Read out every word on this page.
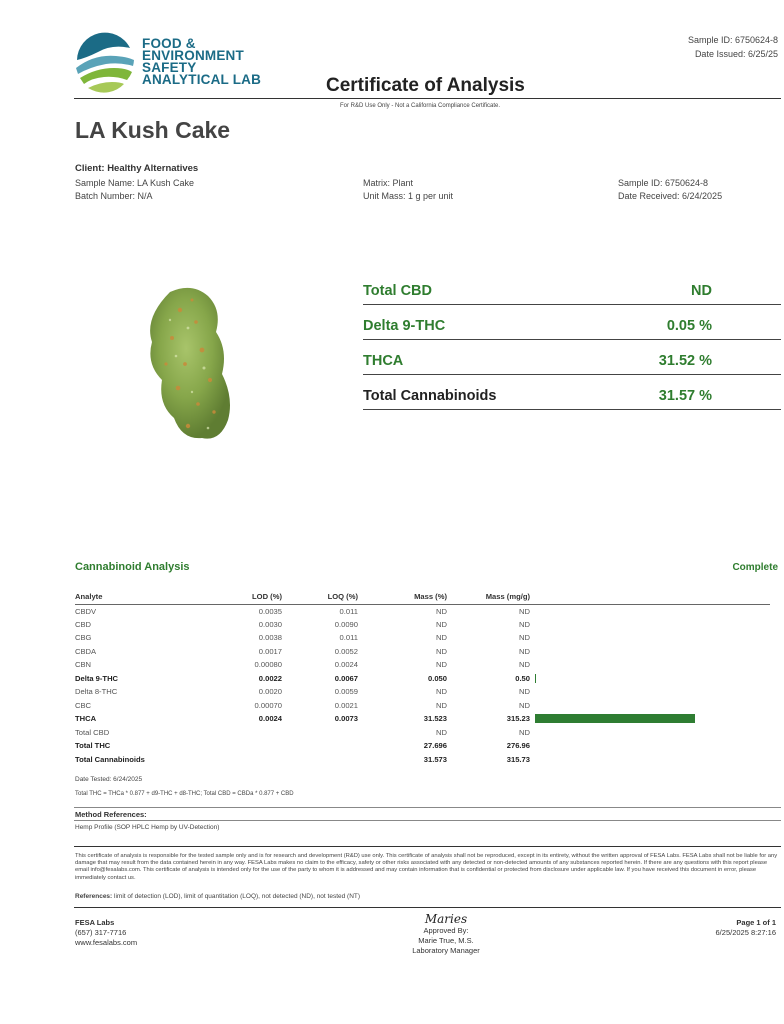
FOOD &
ENVIRONMENT
SAFETY
ANALYTICAL LAB
Sample ID: 6750624-8
Date Issued: 6/25/25
Certificate of Analysis
For R&D Use Only - Not a California Compliance Certificate.
LA Kush Cake
Client: Healthy Alternatives
Sample Name: LA Kush Cake
Batch Number: N/A
Matrix: Plant
Unit Mass: 1 g per unit
Sample ID: 6750624-8
Date Received: 6/24/2025
Total CBD	ND
Delta 9-THC	0.05 %
THCA	31.52 %
Total Cannabinoids	31.57 %
Cannabinoid Analysis	Complete
Analyte	LOD (%)	LOQ (%)	Mass (%)	Mass (mg/g)	
CBDV	0.0035	0.011	ND	ND	
CBD	0.0030	0.0090	ND	ND	
CBG	0.0038	0.011	ND	ND	
CBDA	0.0017	0.0052	ND	ND	
CBN	0.00080	0.0024	ND	ND	
Delta 9-THC	0.0022	0.0067	0.050	0.50	

Delta 8-THC	0.0020	0.0059	ND	ND	
CBC	0.00070	0.0021	ND	ND	
THCA	0.0024	0.0073	31.523	315.23	

Total CBD			ND	ND	
Total THC			27.696	276.96	
Total Cannabinoids			31.573	315.73	
Date Tested: 6/24/2025
Total THC = THCa * 0.877 + d9-THC + d8-THC; Total CBD = CBDa * 0.877 + CBD
Method References:
Hemp Profile (SOP HPLC Hemp by UV-Detection)
This certificate of analysis is responsible for the tested sample only and is for research and development (R&D) use only. This certificate of analysis shall not be reproduced, except in its entirety, without the written approval of FESA Labs. FESA Labs shall not be liable for any damage that may result from the data contained herein in any way. FESA Labs makes no claim to the efficacy, safety or other risks associated with any detected or non-detected amounts of any substances reported herein. If there are any questions with this report please email info@fesalabs.com. This certificate of analysis is intended only for the use of the party to whom it is addressed and may contain information that is confidential or protected from disclosure under applicable law. If you have received this document in error, please immediately contact us.
References: limit of detection (LOD), limit of quantitation (LOQ), not detected (ND), not tested (NT)
FESA Labs
(657) 317-7716
www.fesalabs.com
Maries
Approved By:
Marie True, M.S.
Laboratory Manager
Page 1 of 1
6/25/2025 8:27:16
